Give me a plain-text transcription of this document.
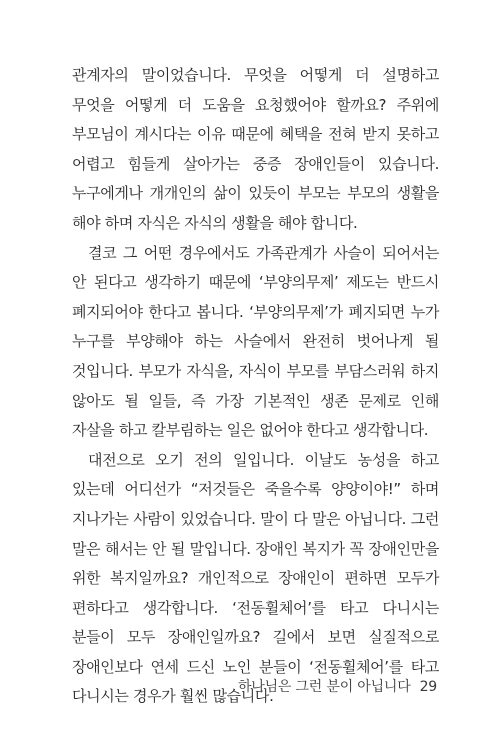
관계자의 말이었습니다. 무엇을 어떻게 더 설명하고 무엇을 어떻게 더 도움을 요청했어야 할까요? 주위에 부모님이 계시다는 이유 때문에 혜택을 전혀 받지 못하고 어렵고 힘들게 살아가는 중증 장애인들이 있습니다. 누구에게나 개개인의 삶이 있듯이 부모는 부모의 생활을 해야 하며 자식은 자식의 생활을 해야 합니다.

결코 그 어떤 경우에서도 가족관계가 사슬이 되어서는 안 된다고 생각하기 때문에 ‘부양의무제’ 제도는 반드시 폐지되어야 한다고 봅니다. ‘부양의무제’가 폐지되면 누가 누구를 부양해야 하는 사슬에서 완전히 벗어나게 될 것입니다. 부모가 자식을, 자식이 부모를 부담스러워 하지 않아도 될 일들, 즉 가장 기본적인 생존 문제로 인해 자살을 하고 칼부림하는 일은 없어야 한다고 생각합니다.

대전으로 오기 전의 일입니다. 이날도 농성을 하고 있는데 어디선가 “저것들은 죽을수록 양양이야!” 하며 지나가는 사람이 있었습니다. 말이 다 말은 아닙니다. 그런 말은 해서는 안 될 말입니다. 장애인 복지가 꼭 장애인만을 위한 복지일까요? 개인적으로 장애인이 편하면 모두가 편하다고 생각합니다. ‘전동휠체어’를 타고 다니시는 분들이 모두 장애인일까요? 길에서 보면 실질적으로 장애인보다 연세 드신 노인 분들이 ‘전동휠체어’를 타고 다니시는 경우가 훨씬 많습니다.

하나님은 그런 분이 아닙니다 29
